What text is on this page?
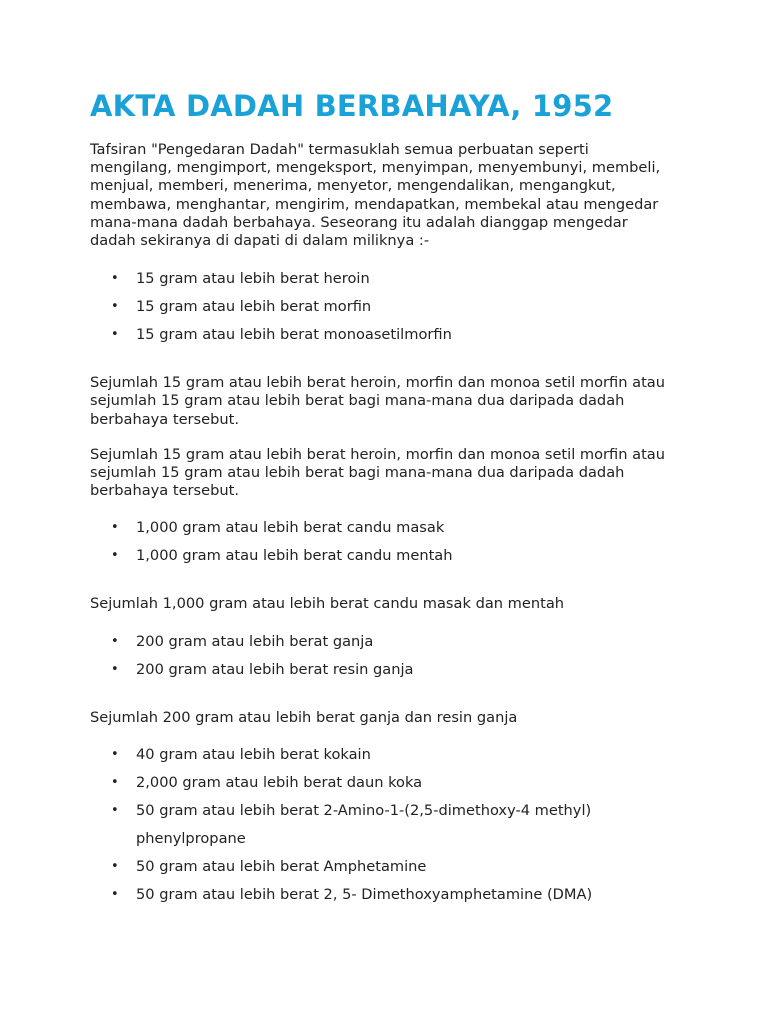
AKTA DADAH BERBAHAYA, 1952

Tafsiran "Pengedaran Dadah" termasuklah semua perbuatan seperti
mengilang, mengimport, mengeksport, menyimpan, menyembunyi, membeli,
menjual, memberi, menerima, menyetor, mengendalikan, mengangkut,
membawa, menghantar, mengirim, mendapatkan, membekal atau mengedar
mana-mana dadah berbahaya. Seseorang itu adalah dianggap mengedar
dadah sekiranya di dapati di dalam miliknya :-

• 15 gram atau lebih berat heroin
• 15 gram atau lebih berat morfin
• 15 gram atau lebih berat monoasetilmorfin

Sejumlah 15 gram atau lebih berat heroin, morfin dan monoa setil morfin atau
sejumlah 15 gram atau lebih berat bagi mana-mana dua daripada dadah
berbahaya tersebut.

Sejumlah 15 gram atau lebih berat heroin, morfin dan monoa setil morfin atau
sejumlah 15 gram atau lebih berat bagi mana-mana dua daripada dadah
berbahaya tersebut.

• 1,000 gram atau lebih berat candu masak
• 1,000 gram atau lebih berat candu mentah

Sejumlah 1,000 gram atau lebih berat candu masak dan mentah

• 200 gram atau lebih berat ganja
• 200 gram atau lebih berat resin ganja

Sejumlah 200 gram atau lebih berat ganja dan resin ganja

• 40 gram atau lebih berat kokain
• 2,000 gram atau lebih berat daun koka
• 50 gram atau lebih berat 2-Amino-1-(2,5-dimethoxy-4 methyl)
phenylpropane
• 50 gram atau lebih berat Amphetamine
• 50 gram atau lebih berat 2, 5- Dimethoxyamphetamine (DMA)
